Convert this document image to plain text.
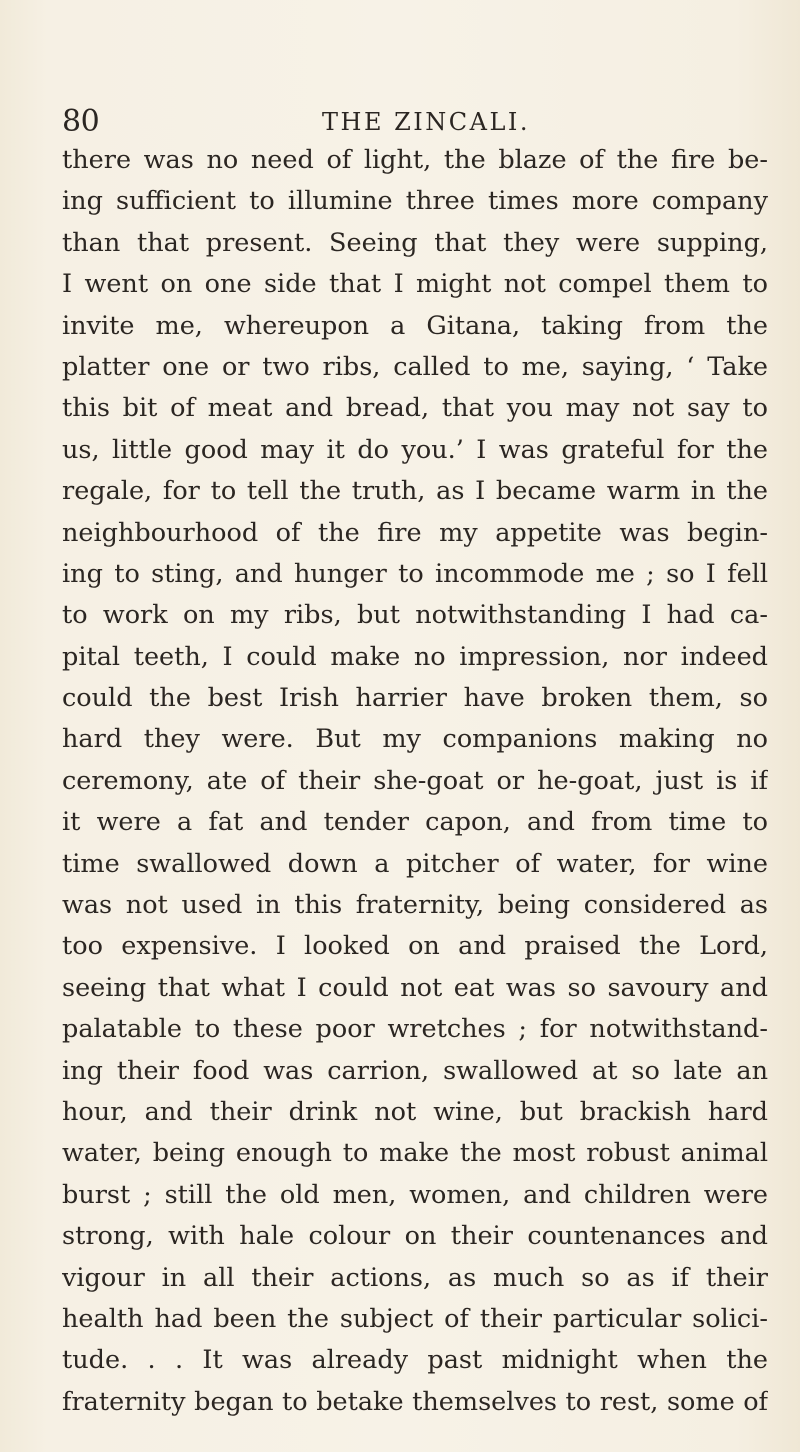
80	THE ZINCALI.
there was no need of light, the blaze of the fire be-
ing sufficient to illumine three times more company
than that present. Seeing that they were supping,
I went on one side that I might not compel them to
invite me, whereupon a Gitana, taking from the
platter one or two ribs, called to me, saying, ‘ Take
this bit of meat and bread, that you may not say to
us, little good may it do you.’ I was grateful for the
regale, for to tell the truth, as I became warm in the
neighbourhood of the fire my appetite was begin-
ing to sting, and hunger to incommode me ; so I fell
to work on my ribs, but notwithstanding I had ca-
pital teeth, I could make no impression, nor indeed
could the best Irish harrier have broken them, so
hard they were. But my companions making no
ceremony, ate of their she-goat or he-goat, just is if
it were a fat and tender capon, and from time to
time swallowed down a pitcher of water, for wine
was not used in this fraternity, being considered as
too expensive. I looked on and praised the Lord,
seeing that what I could not eat was so savoury and
palatable to these poor wretches ; for notwithstand-
ing their food was carrion, swallowed at so late an
hour, and their drink not wine, but brackish hard
water, being enough to make the most robust animal
burst ; still the old men, women, and children were
strong, with hale colour on their countenances and
vigour in all their actions, as much so as if their
health had been the subject of their particular solici-
tude. . . It was already past midnight when the
fraternity began to betake themselves to rest, some of
